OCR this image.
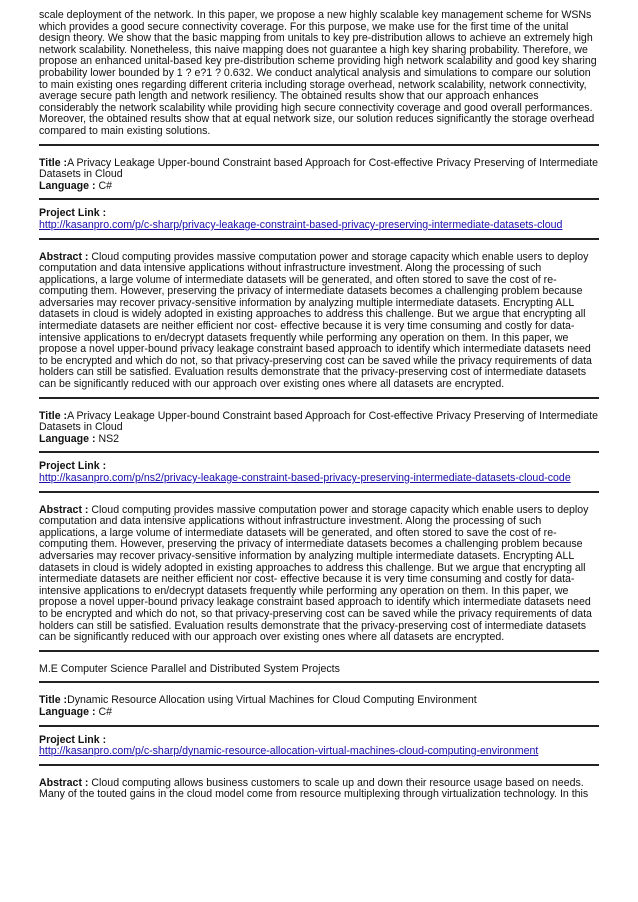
scale deployment of the network. In this paper, we propose a new highly scalable key management scheme for WSNs which provides a good secure connectivity coverage. For this purpose, we make use for the first time of the unital design theory. We show that the basic mapping from unitals to key pre-distribution allows to achieve an extremely high network scalability. Nonetheless, this naive mapping does not guarantee a high key sharing probability. Therefore, we propose an enhanced unital-based key pre-distribution scheme providing high network scalability and good key sharing probability lower bounded by 1 ? e?1 ? 0.632. We conduct analytical analysis and simulations to compare our solution to main existing ones regarding different criteria including storage overhead, network scalability, network connectivity, average secure path length and network resiliency. The obtained results show that our approach enhances considerably the network scalability while providing high secure connectivity coverage and good overall performances. Moreover, the obtained results show that at equal network size, our solution reduces significantly the storage overhead compared to main existing solutions.

Title :A Privacy Leakage Upper-bound Constraint based Approach for Cost-effective Privacy Preserving of Intermediate Datasets in Cloud

Language : C#

Project Link :

http://kasanpro.com/p/c-sharp/privacy-leakage-constraint-based-privacy-preserving-intermediate-datasets-cloud

Abstract : Cloud computing provides massive computation power and storage capacity which enable users to deploy computation and data intensive applications without infrastructure investment. Along the processing of such applications, a large volume of intermediate datasets will be generated, and often stored to save the cost of re-computing them. However, preserving the privacy of intermediate datasets becomes a challenging problem because adversaries may recover privacy-sensitive information by analyzing multiple intermediate datasets. Encrypting ALL datasets in cloud is widely adopted in existing approaches to address this challenge. But we argue that encrypting all intermediate datasets are neither efficient nor cost- effective because it is very time consuming and costly for data-intensive applications to en/decrypt datasets frequently while performing any operation on them. In this paper, we propose a novel upper-bound privacy leakage constraint based approach to identify which intermediate datasets need to be encrypted and which do not, so that privacy-preserving cost can be saved while the privacy requirements of data holders can still be satisfied. Evaluation results demonstrate that the privacy-preserving cost of intermediate datasets can be significantly reduced with our approach over existing ones where all datasets are encrypted.

Title :A Privacy Leakage Upper-bound Constraint based Approach for Cost-effective Privacy Preserving of Intermediate Datasets in Cloud

Language : NS2

Project Link :

http://kasanpro.com/p/ns2/privacy-leakage-constraint-based-privacy-preserving-intermediate-datasets-cloud-code

Abstract : Cloud computing provides massive computation power and storage capacity which enable users to deploy computation and data intensive applications without infrastructure investment. Along the processing of such applications, a large volume of intermediate datasets will be generated, and often stored to save the cost of re-computing them. However, preserving the privacy of intermediate datasets becomes a challenging problem because adversaries may recover privacy-sensitive information by analyzing multiple intermediate datasets. Encrypting ALL datasets in cloud is widely adopted in existing approaches to address this challenge. But we argue that encrypting all intermediate datasets are neither efficient nor cost- effective because it is very time consuming and costly for data-intensive applications to en/decrypt datasets frequently while performing any operation on them. In this paper, we propose a novel upper-bound privacy leakage constraint based approach to identify which intermediate datasets need to be encrypted and which do not, so that privacy-preserving cost can be saved while the privacy requirements of data holders can still be satisfied. Evaluation results demonstrate that the privacy-preserving cost of intermediate datasets can be significantly reduced with our approach over existing ones where all datasets are encrypted.

M.E Computer Science Parallel and Distributed System Projects

Title :Dynamic Resource Allocation using Virtual Machines for Cloud Computing Environment

Language : C#

Project Link :

http://kasanpro.com/p/c-sharp/dynamic-resource-allocation-virtual-machines-cloud-computing-environment

Abstract : Cloud computing allows business customers to scale up and down their resource usage based on needs. Many of the touted gains in the cloud model come from resource multiplexing through virtualization technology. In this
